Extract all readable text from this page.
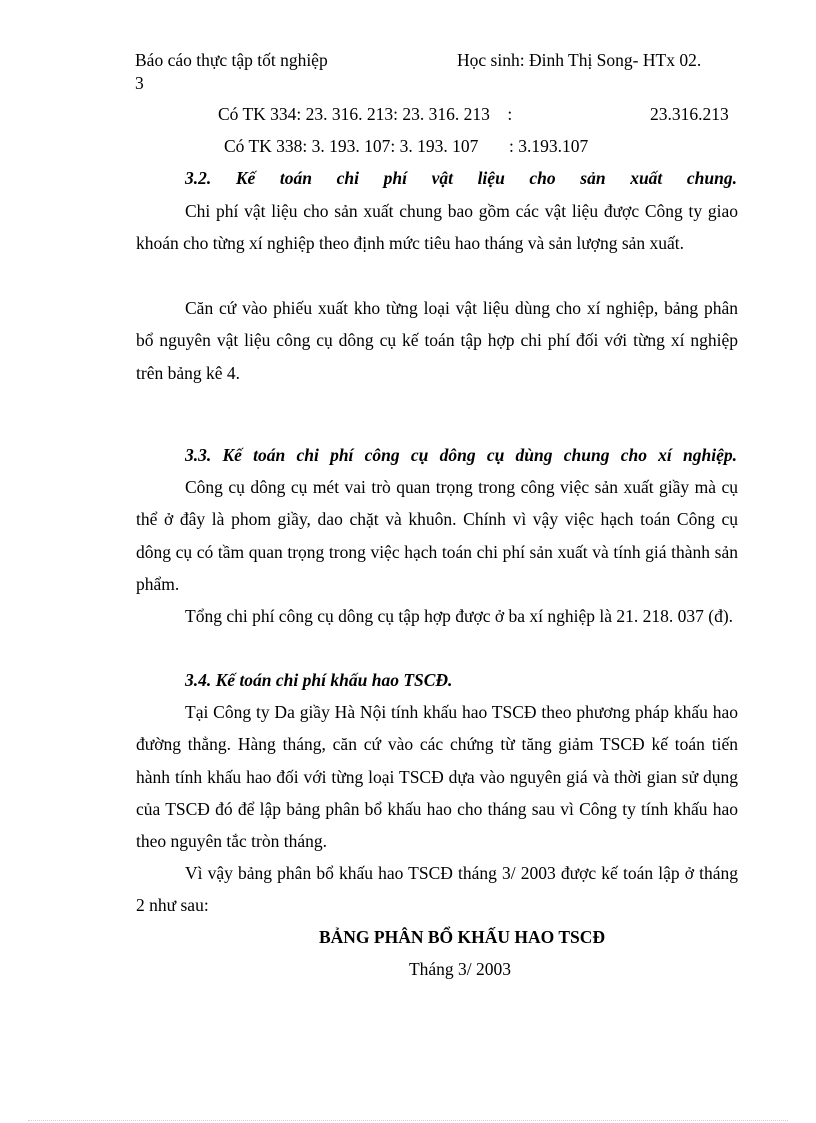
Báo cáo thực tập tốt nghiệp	Học sinh: Đinh Thị Song- HTx 02.

3

Có TK 334: 23. 316. 213: 23. 316. 213    :	23.316.213

Có TK 338: 3. 193. 107: 3. 193. 107       : 3.193.107

3.2. Kế toán chi phí vật liệu cho sản xuất chung.

Chi phí vật liệu cho sản xuất chung bao gồm các vật liệu được Công ty giao khoán cho từng xí nghiệp theo định mức tiêu hao tháng và sản lượng sản xuất.

Căn cứ vào phiếu xuất kho từng loại vật liệu dùng cho xí nghiệp, bảng phân bổ nguyên vật liệu công cụ dông cụ kế toán tập hợp chi phí đối với từng xí nghiệp trên bảng kê 4.

3.3. Kế toán chi phí công cụ dông cụ dùng chung cho xí nghiệp.

Công cụ dông cụ mét vai trò quan trọng trong công việc sản xuất giầy mà cụ thể ở đây là phom giầy, dao chặt và khuôn. Chính vì vậy việc hạch toán Công cụ dông cụ có tầm quan trọng trong việc hạch toán chi phí sản xuất và tính giá thành sản phẩm.

Tổng chi phí công cụ dông cụ tập hợp được ở ba xí nghiệp là 21. 218. 037 (đ).

3.4. Kế toán chi phí khấu hao TSCĐ.

Tại Công ty Da giầy Hà Nội tính khấu hao TSCĐ theo phương pháp khấu hao đường thẳng. Hàng tháng, căn cứ vào các chứng từ tăng giảm TSCĐ kế toán tiến hành tính khấu hao đối với từng loại TSCĐ dựa vào nguyên giá và thời gian sử dụng của TSCĐ đó để lập bảng phân bổ khấu hao cho tháng sau vì Công ty tính khấu hao theo nguyên tắc tròn tháng.

Vì vậy bảng phân bổ khấu hao TSCĐ tháng 3/ 2003 được kế toán lập ở tháng 2 như sau:

BẢNG PHÂN BỔ KHẤU HAO TSCĐ

Tháng 3/ 2003
